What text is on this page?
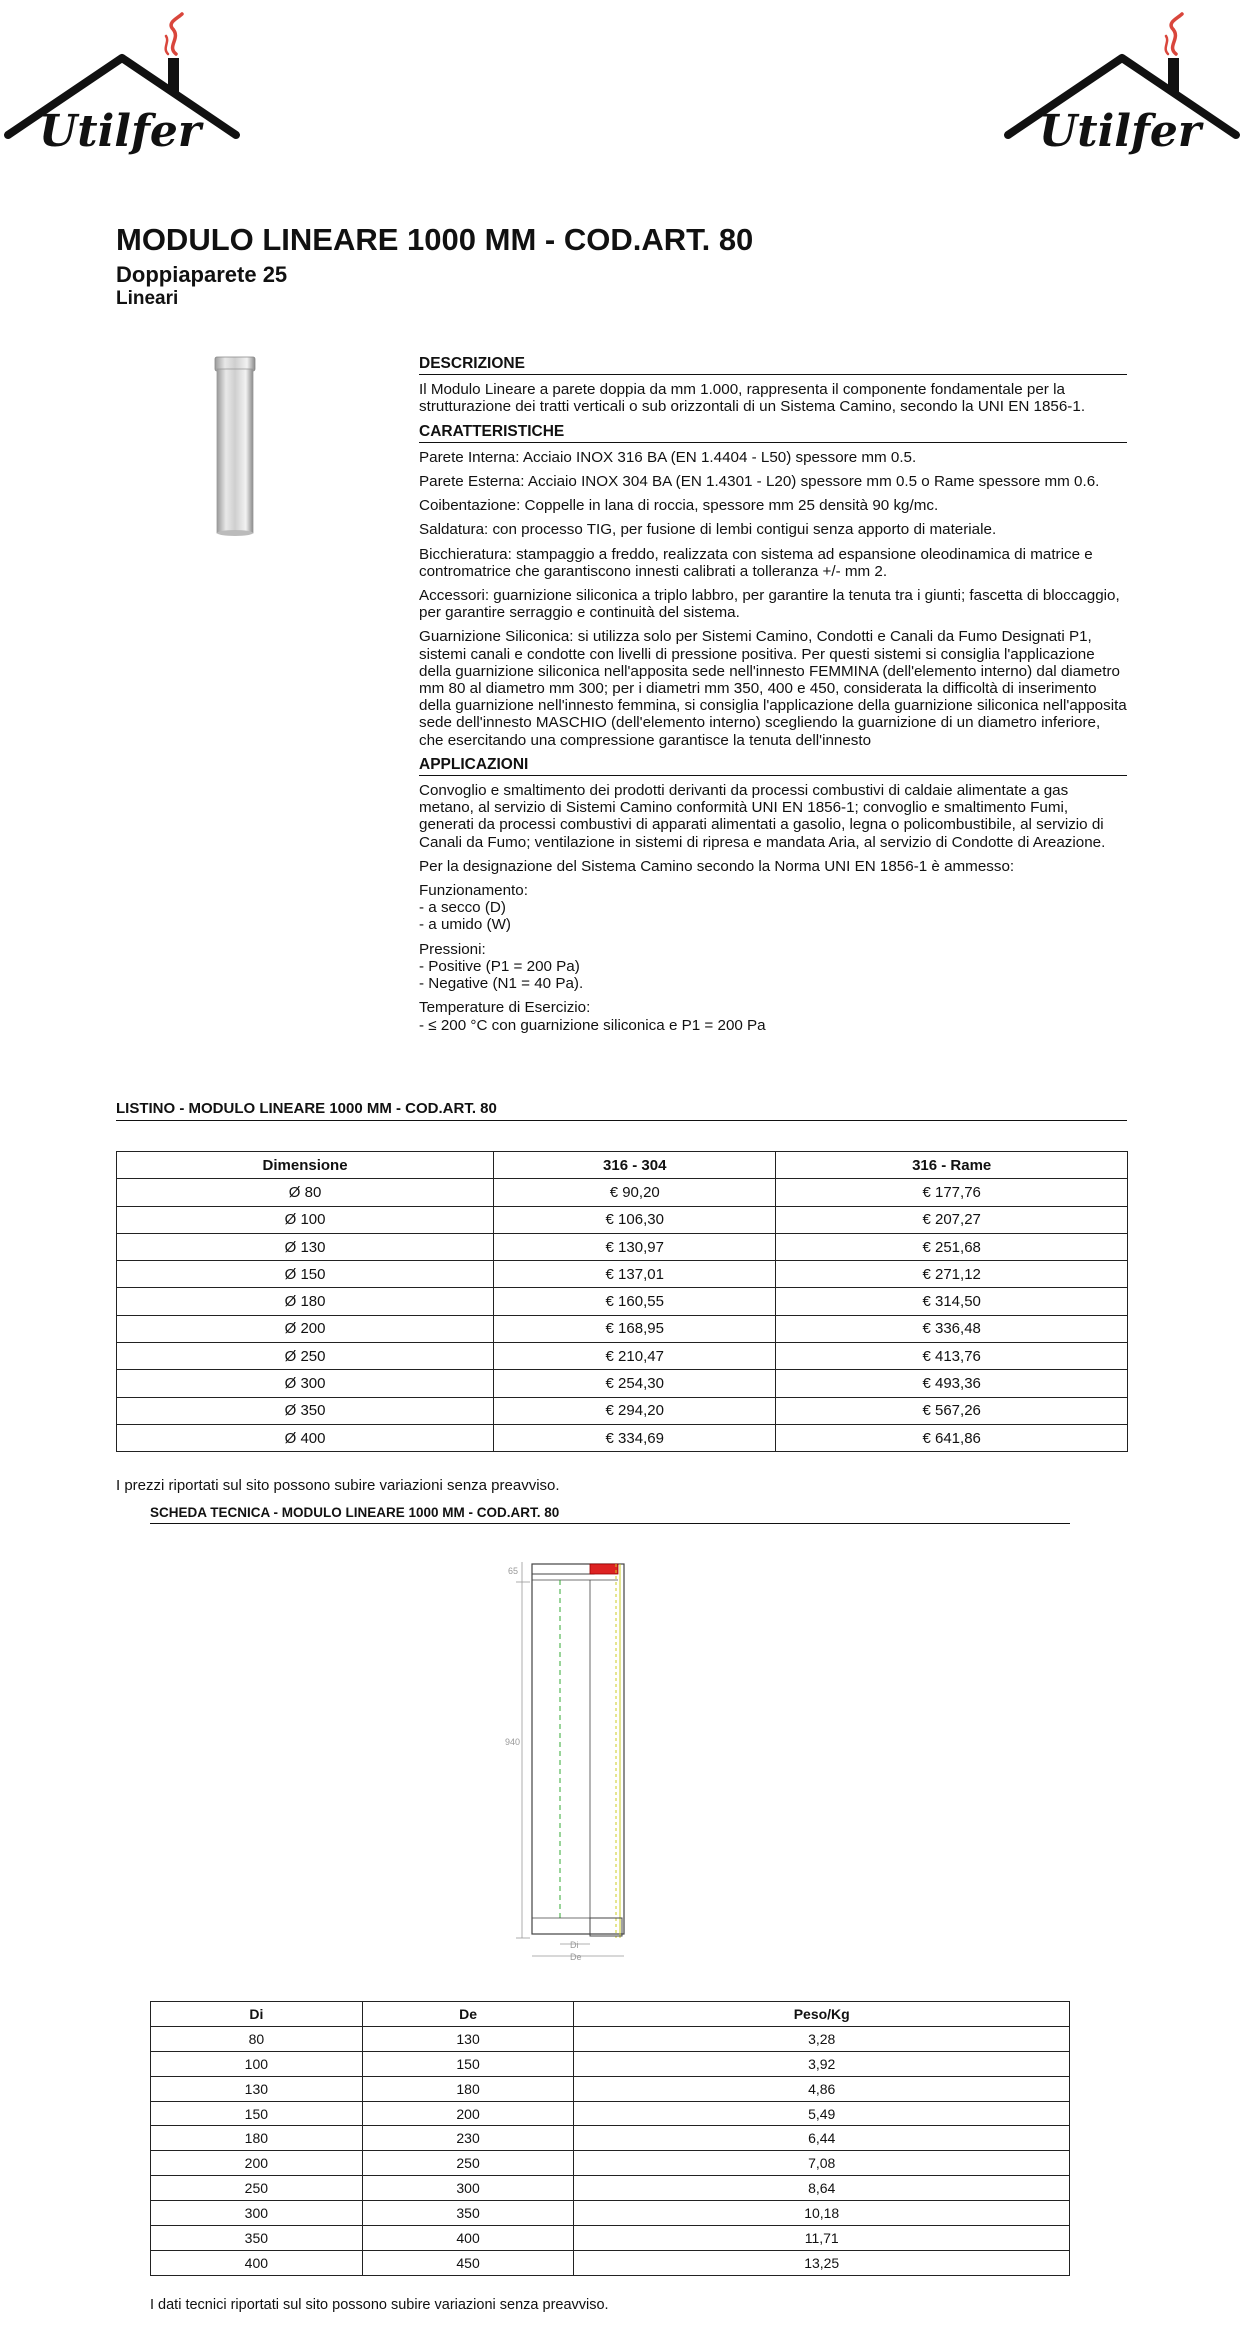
Utilfer	Utilfer
MODULO LINEARE 1000 MM - COD.ART. 80
Doppiaparete 25
Lineari
DESCRIZIONE

Il Modulo Lineare a parete doppia da mm 1.000, rappresenta il componente fondamentale per la strutturazione dei tratti verticali o sub orizzontali di un Sistema Camino, secondo la UNI EN 1856-1.

CARATTERISTICHE

Parete Interna: Acciaio INOX 316 BA (EN 1.4404 - L50) spessore mm 0.5.

Parete Esterna: Acciaio INOX 304 BA (EN 1.4301 - L20) spessore mm 0.5 o Rame spessore mm 0.6.

Coibentazione: Coppelle in lana di roccia, spessore mm 25 densità 90 kg/mc.

Saldatura: con processo TIG, per fusione di lembi contigui senza apporto di materiale.

Bicchieratura: stampaggio a freddo, realizzata con sistema ad espansione oleodinamica di matrice e contromatrice che garantiscono innesti calibrati a tolleranza +/- mm 2.

Accessori: guarnizione siliconica a triplo labbro, per garantire la tenuta tra i giunti; fascetta di bloccaggio, per garantire serraggio e continuità del sistema.

Guarnizione Siliconica: si utilizza solo per Sistemi Camino, Condotti e Canali da Fumo Designati P1, sistemi canali e condotte con livelli di pressione positiva. Per questi sistemi si consiglia l'applicazione della guarnizione siliconica nell'apposita sede nell'innesto FEMMINA (dell'elemento interno) dal diametro mm 80 al diametro mm 300; per i diametri mm 350, 400 e 450, considerata la difficoltà di inserimento della guarnizione nell'innesto femmina, si consiglia l'applicazione della guarnizione siliconica nell'apposita sede dell'innesto MASCHIO (dell'elemento interno) scegliendo la guarnizione di un diametro inferiore, che esercitando una compressione garantisce la tenuta dell'innesto

APPLICAZIONI

Convoglio e smaltimento dei prodotti derivanti da processi combustivi di caldaie alimentate a gas metano, al servizio di Sistemi Camino conformità UNI EN 1856-1; convoglio e smaltimento Fumi, generati da processi combustivi di apparati alimentati a gasolio, legna o policombustibile, al servizio di Canali da Fumo; ventilazione in sistemi di ripresa e mandata Aria, al servizio di Condotte di Areazione.

Per la designazione del Sistema Camino secondo la Norma UNI EN 1856-1 è ammesso:

Funzionamento:
- a secco (D)
- a umido (W)

Pressioni:
- Positive (P1 = 200 Pa)
- Negative (N1 = 40 Pa).

Temperature di Esercizio:
- ≤ 200 °C con guarnizione siliconica e P1 = 200 Pa

LISTINO - MODULO LINEARE 1000 MM - COD.ART. 80
Dimensione	316 - 304	316 - Rame
Ø 80	€ 90,20	€ 177,76
Ø 100	€ 106,30	€ 207,27
Ø 130	€ 130,97	€ 251,68
Ø 150	€ 137,01	€ 271,12
Ø 180	€ 160,55	€ 314,50
Ø 200	€ 168,95	€ 336,48
Ø 250	€ 210,47	€ 413,76
Ø 300	€ 254,30	€ 493,36
Ø 350	€ 294,20	€ 567,26
Ø 400	€ 334,69	€ 641,86
I prezzi riportati sul sito possono subire variazioni senza preavviso.
SCHEDA TECNICA - MODULO LINEARE 1000 MM - COD.ART. 80
65
940
Di
De
Di	De	Peso/Kg
80	130	3,28
100	150	3,92
130	180	4,86
150	200	5,49
180	230	6,44
200	250	7,08
250	300	8,64
300	350	10,18
350	400	11,71
400	450	13,25
I dati tecnici riportati sul sito possono subire variazioni senza preavviso.
